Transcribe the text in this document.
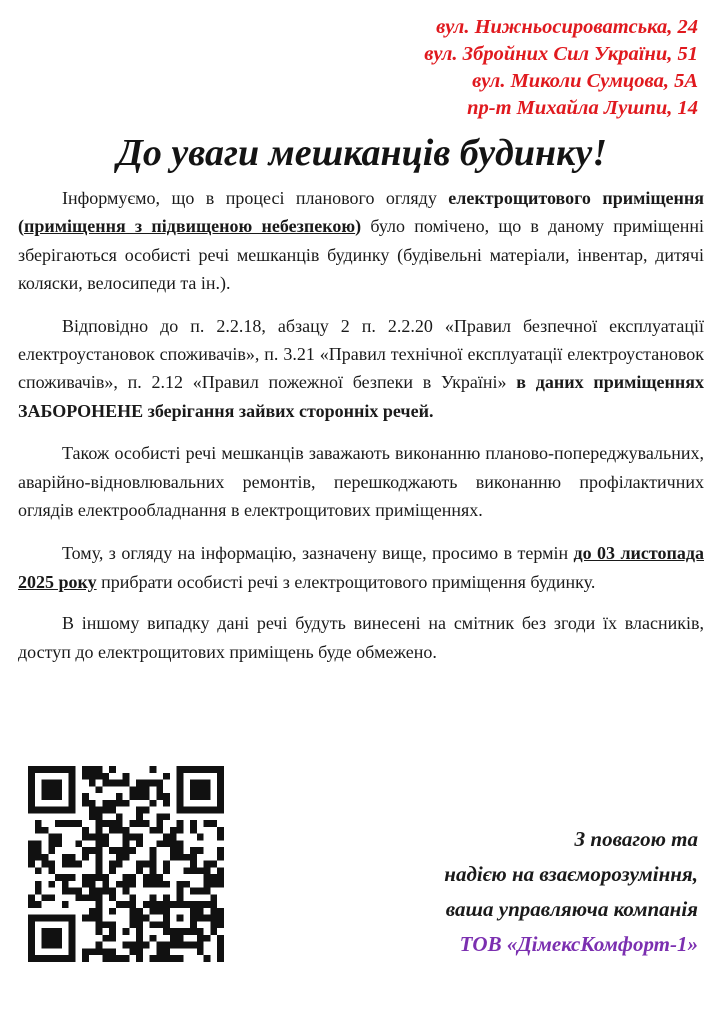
вул. Нижньосироватська, 24
вул. Збройних Сил України, 51
вул. Миколи Сумцова, 5А
пр-т Михайла Лушпи, 14
До уваги мешканців будинку!

Інформуємо, що в процесі планового огляду електрощитового приміщення (приміщення з підвищеною небезпекою) було помічено, що в даному приміщенні зберігаються особисті речі мешканців будинку (будівельні матеріали, інвентар, дитячі коляски, велосипеди та ін.).

Відповідно до п. 2.2.18, абзацу 2 п. 2.2.20 «Правил безпечної експлуатації електроустановок споживачів», п. 3.21 «Правил технічної експлуатації електроустановок споживачів», п. 2.12 «Правил пожежної безпеки в Україні» в даних приміщеннях ЗАБОРОНЕНЕ зберігання зайвих сторонніх речей.

Також особисті речі мешканців заважають виконанню планово-попереджувальних, аварійно-відновлювальних ремонтів, перешкоджають виконанню профілактичних оглядів електрообладнання в електрощитових приміщеннях.

Тому, з огляду на інформацію, зазначену вище, просимо в термін до 03 листопада 2025 року прибрати особисті речі з електрощитового приміщення будинку.

В іншому випадку дані речі будуть винесені на смітник без згоди їх власників, доступ до електрощитових приміщень буде обмежено.

З повагою та
надією на взаєморозуміння,
ваша управляюча компанія
ТОВ «ДімексКомфорт-1»
